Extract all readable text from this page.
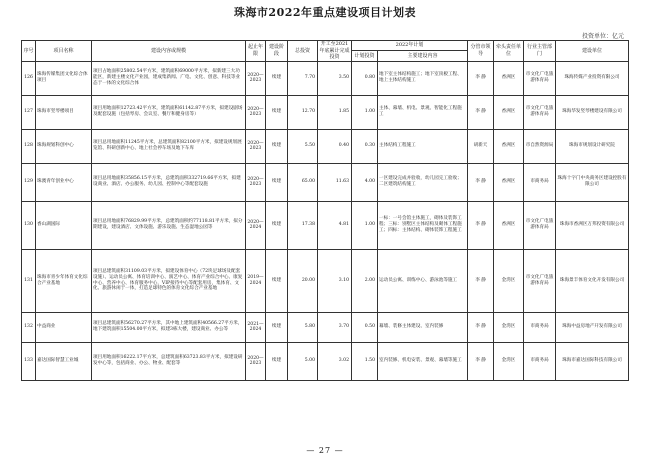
珠海市2022年重点建设项目计划表
投资单位：亿元
序号	项目名称	建设内容或规模	起止年限	建设阶段	总投资	开工至2021年底累计完成投资	2022年计划		分管市领导	牵头责任单位	行业主管部门	建设单位
							计划投资	主要建设内容				
126	珠海传媒集团文化综合体项目	项目占地面积25802.54平方米，建筑面积69000平方米，拟新建三大功能区，新建主楼文化产业园，建成集新闻、广电、文化、创意、科技等业态于一体的文化综合体	2020—2023	续建	7.70	3.50	0.80	地下室主体结构施工；地下室顶板工程、地上主体结构施工	李 静	香洲区	市文化广电旅游体育局	珠海传媒产业投资有限公司
127	珠海市竖琴楼项目	项目用地面积12723.42平方米，建筑面积61142.87平方米，拟建设剧场及配套设施（包括琴房、会议室、餐厅和健身房等）	2020—2023	续建	12.70	1.85	1.00	主体、幕墙、机电、景观、智能化工程施工	李 静	香洲区	市文化广电旅游体育局	珠海华发竖琴楼建设有限公司
128	珠海规划科创中心	项目总用地面积11245平方米，总建筑面积82100平方米，拟建设规划展览馆、科研创新中心、地上社会停车场及地下车库	2020—2023	续建	5.50	0.40	0.30	主体结构工程施工	胡新天	香洲区	市自然资源局	珠海市规划设计研究院
129	珠澳青年创业中心	项目总用地面积35856.15平方米，总建筑面积332719.66平方米，拟建设商业、酒店、办公服务、幼儿园、控制中心等配套设施	2020—2023	续建	65.00	11.63	4.00	一区建设完成并验收，幼儿园完工验收；二区建筑结构施工	李 静	香洲区	市商务局	珠海十字门中央商务区建设控股有限公司
130	香山湖国际	项目总用地面积76829.99平方米，总建筑面积约77118.81平方米，拟分期建设，建设酒店、文体设施、游乐设施、生态湿地公园等	2020—2024	续建	17.38	4.81	1.00	一标：一号会馆主体施工，砌体及装饰工程；三标：别墅区主体结构及砌体工程施工；四标：主体结构、砌体装饰工程施工	李 静	香洲区	市文化广电旅游体育局	珠海市香洲区万邦投资有限公司
131	珠海市青少年体育文化综合产业基地	项目总建筑面积31109.03平方米，拟建设体育中心（72块足球场及配套设施）、运动员公寓、体育培训中心、演艺中心、体育产业综合中心、康复中心、营养中心、体育服务中心，VIP接待中心等配套用房，集体育、文化、旅游休闲于一体，打造足球特色的体育文化综合产业基地	2019—2024	续建	20.00	3.10	2.00	运动员公寓、训练中心、游泳池等施工	李 静	金湾区	市文化广电旅游体育局	珠海景丰体育文化开发有限公司
132	中益商业	项目总建筑面积56270.27平方米，其中地上建筑面积40566.27平方米，地下建筑面积15504.00平方米，拟建3栋大楼，建设商业、办公等	2021—2024	续建	5.80	3.70	0.50	幕墙、装修主体建设、室内装修	李 静	金湾区	市商务局	珠海中益房地产开发有限公司
133	嘉达国际智慧工业城	项目用地面积16222.17平方米，总建筑面积63723.83平方米，拟建设研发中心等，包括商业、办公、物业、配套等	2020—2023	续建	5.00	3.02	1.50	室内装修、机电安装、景观、幕墙等施工	李 静	金湾区	市商务局	珠海市嘉达国际科技有限公司
— 27 —
